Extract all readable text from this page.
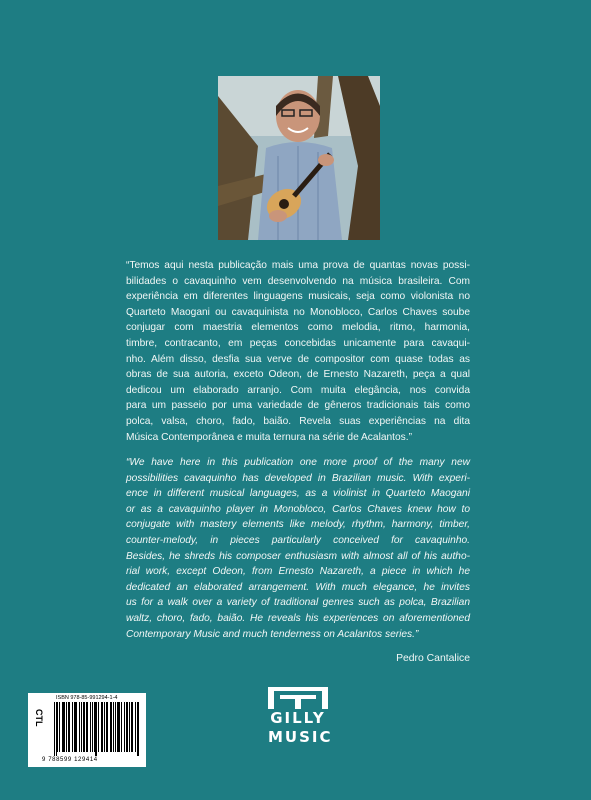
“Temos aqui nesta publicação mais uma prova de quantas novas possi-

bilidades o cavaquinho vem desenvolvendo na música brasileira. Com

experiência em diferentes linguagens musicais, seja como violonista no

Quarteto Maogani ou cavaquinista no Monobloco, Carlos Chaves soube

conjugar com maestria elementos como melodia, ritmo, harmonia,

timbre, contracanto, em peças concebidas unicamente para cavaqui-

nho. Além disso, desfia sua verve de compositor com quase todas as

obras de sua autoria, exceto Odeon, de Ernesto Nazareth, peça a qual

dedicou um elaborado arranjo. Com muita elegância, nos convida

para um passeio por uma variedade de gêneros tradicionais tais como

polca, valsa, choro, fado, baião. Revela suas experiências na dita

Música Contemporânea e muita ternura na série de Acalantos.”

“We have here in this publication one more proof of the many new

possibilities cavaquinho has developed in Brazilian music. With experi-

ence in different musical languages, as a violinist in Quarteto Maogani

or as a cavaquinho player in Monobloco, Carlos Chaves knew how to

conjugate with mastery elements like melody, rhythm, harmony, timber,

counter-melody, in pieces particularly conceived for cavaquinho.

Besides, he shreds his composer enthusiasm with almost all of his autho-

rial work, except Odeon, from Ernesto Nazareth, a piece in which he

dedicated an elaborated arrangement. With much elegance, he invites

us for a walk over a variety of traditional genres such as polca, Brazilian

waltz, choro, fado, baião. He reveals his experiences on aforementioned

Contemporary Music and much tenderness on Acalantos series.”

Pedro Cantalice
CTL
ISBN 978-85-991294-1-4
9 788599 129414
GILLY
MUSIC
